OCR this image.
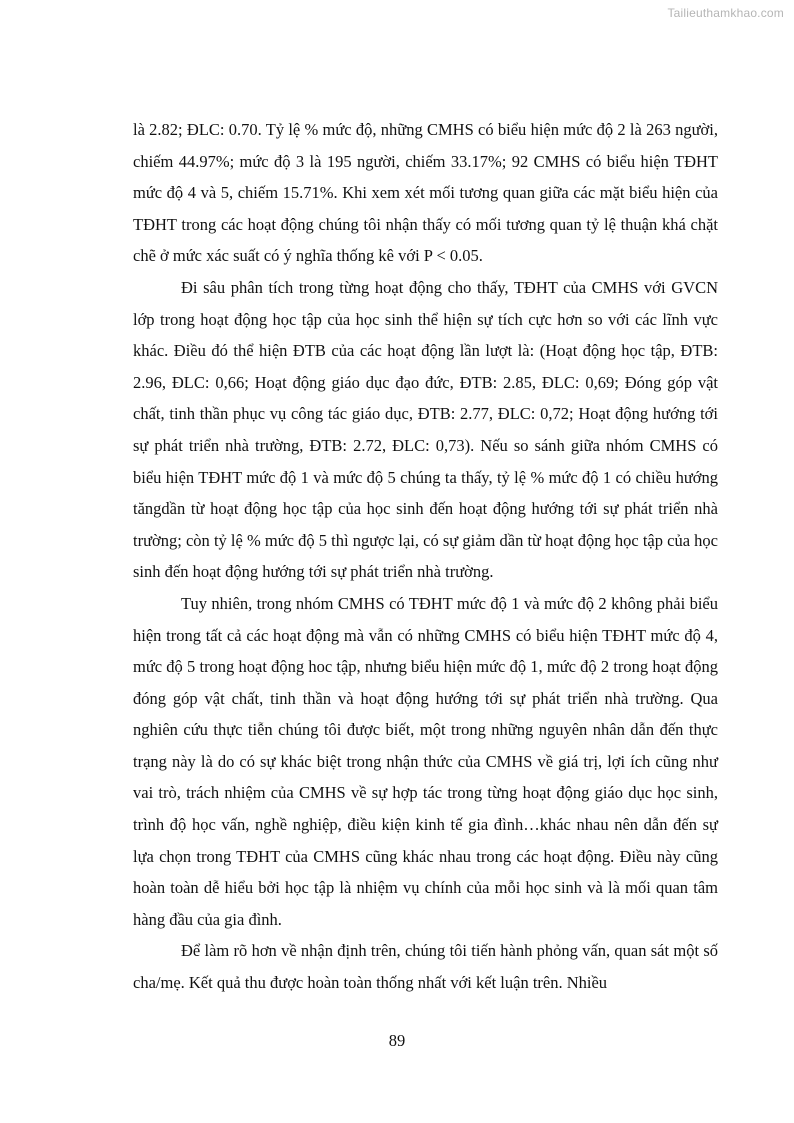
Tailieuthamkhao.com

là 2.82; ĐLC: 0.70. Tỷ lệ % mức độ, những CMHS có biểu hiện mức độ 2 là 263 người, chiếm 44.97%; mức độ 3 là 195 người, chiếm 33.17%; 92 CMHS có biểu hiện TĐHT mức độ 4 và 5, chiếm 15.71%. Khi xem xét mối tương quan giữa các mặt biểu hiện của TĐHT trong các hoạt động chúng tôi nhận thấy có mối tương quan tỷ lệ thuận khá chặt chẽ ở mức xác suất có ý nghĩa thống kê với P < 0.05.

Đi sâu phân tích trong từng hoạt động cho thấy, TĐHT của CMHS với GVCN lớp trong hoạt động học tập của học sinh thể hiện sự tích cực hơn so với các lĩnh vực khác. Điều đó thể hiện ĐTB của các hoạt động lần lượt là: (Hoạt động học tập, ĐTB: 2.96, ĐLC: 0,66; Hoạt động giáo dục đạo đức, ĐTB: 2.85, ĐLC: 0,69; Đóng góp vật chất, tinh thần phục vụ công tác giáo dục, ĐTB: 2.77, ĐLC: 0,72; Hoạt động hướng tới sự phát triển nhà trường, ĐTB: 2.72, ĐLC: 0,73). Nếu so sánh giữa nhóm CMHS có biểu hiện TĐHT mức độ 1 và mức độ 5 chúng ta thấy, tỷ lệ % mức độ 1 có chiều hướng tăngdần từ hoạt động học tập của học sinh đến hoạt động hướng tới sự phát triển nhà trường; còn tỷ lệ % mức độ 5 thì ngược lại, có sự giảm dần từ hoạt động học tập của học sinh đến hoạt động hướng tới sự phát triển nhà trường.

Tuy nhiên, trong nhóm CMHS có TĐHT mức độ 1 và mức độ 2 không phải biểu hiện trong tất cả các hoạt động mà vẫn có những CMHS có biểu hiện TĐHT mức độ 4, mức độ 5 trong hoạt động hoc tập, nhưng biểu hiện mức độ 1, mức độ 2 trong hoạt động đóng góp vật chất, tinh thần và hoạt động hướng tới sự phát triển nhà trường. Qua nghiên cứu thực tiễn chúng tôi được biết, một trong những nguyên nhân dẫn đến thực trạng này là do có sự khác biệt trong nhận thức của CMHS về giá trị, lợi ích cũng như vai trò, trách nhiệm của CMHS về sự hợp tác trong từng hoạt động giáo dục học sinh, trình độ học vấn, nghề nghiệp, điều kiện kinh tế gia đình…khác nhau nên dẫn đến sự lựa chọn trong TĐHT của CMHS cũng khác nhau trong các hoạt động. Điều này cũng hoàn toàn dễ hiểu bởi học tập là nhiệm vụ chính của mỗi học sinh và là mối quan tâm hàng đầu của gia đình.

Để làm rõ hơn về nhận định trên, chúng tôi tiến hành phỏng vấn, quan sát một số cha/mẹ. Kết quả thu được hoàn toàn thống nhất với kết luận trên. Nhiều

89
